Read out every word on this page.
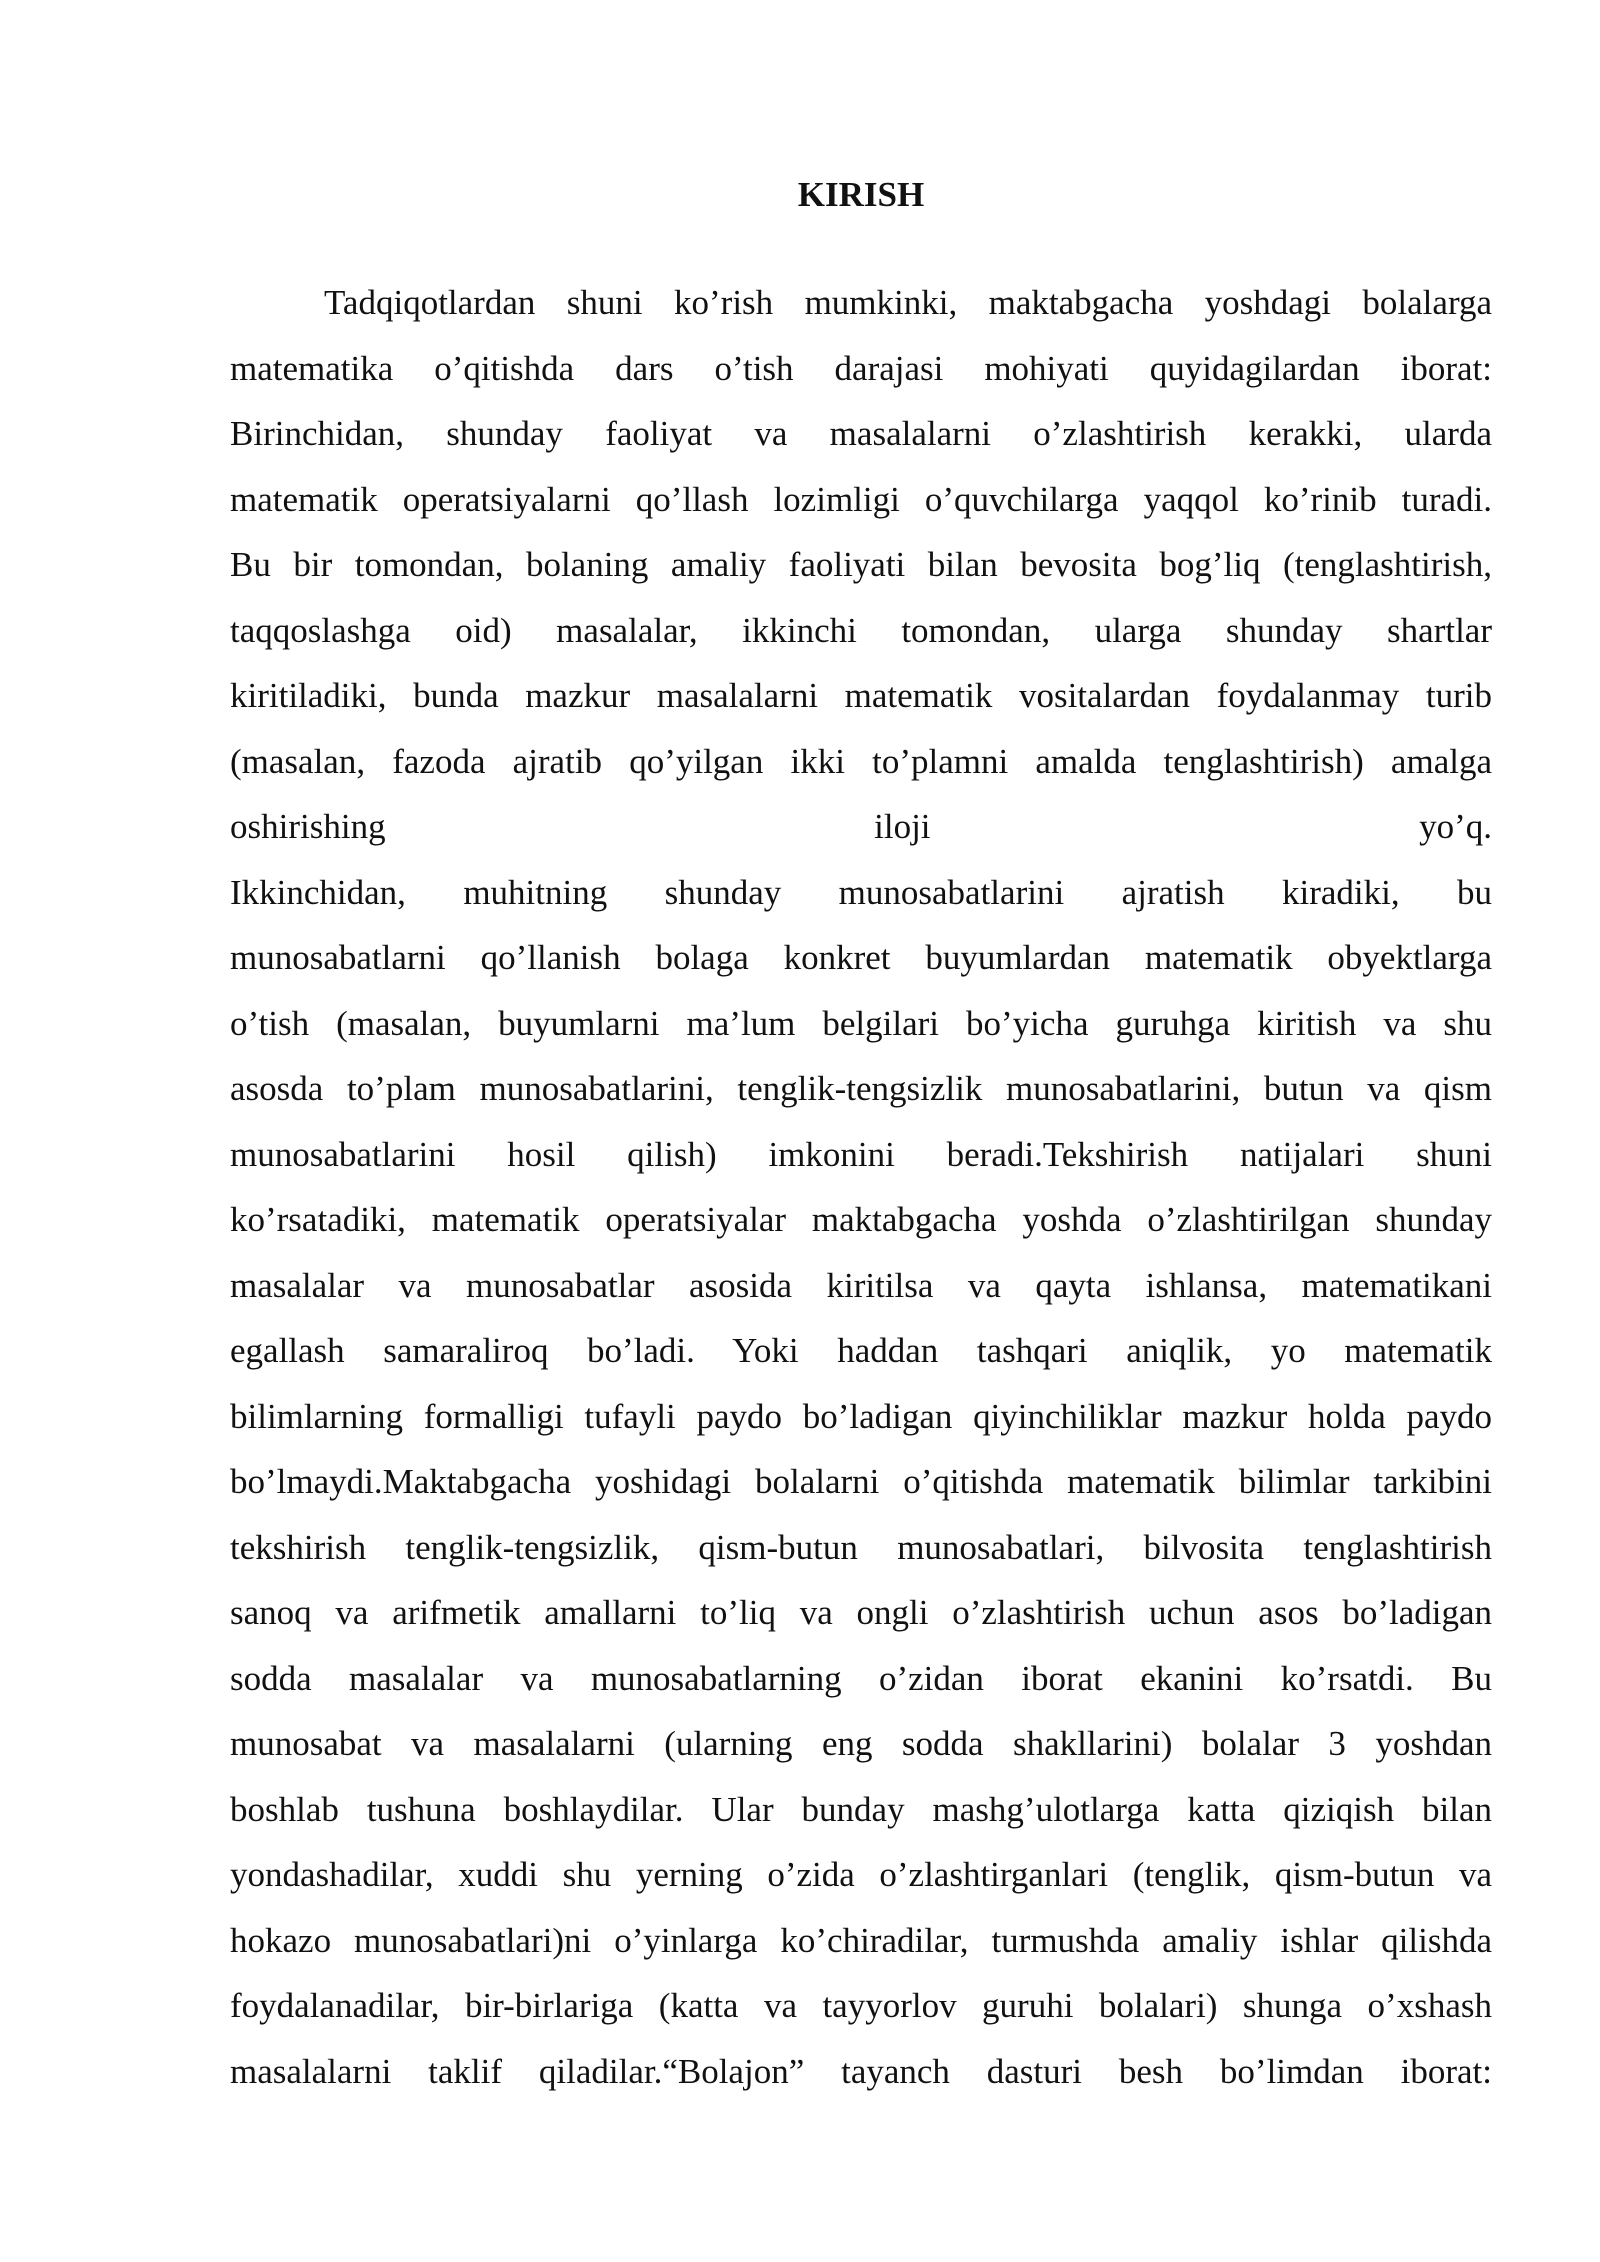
KIRISH
Tadqiqotlardan shuni ko’rish mumkinki, maktabgacha yoshdagi bolalarga
matematika o’qitishda dars o’tish darajasi mohiyati quyidagilardan iborat:
Birinchidan, shunday faoliyat va masalalarni o’zlashtirish kerakki, ularda
matematik operatsiyalarni qo’llash lozimligi o’quvchilarga yaqqol ko’rinib turadi.
Bu bir tomondan, bolaning amaliy faoliyati bilan bevosita bog’liq (tenglashtirish,
taqqoslashga oid) masalalar, ikkinchi tomondan, ularga shunday shartlar
kiritiladiki, bunda mazkur masalalarni matematik vositalardan foydalanmay turib
(masalan, fazoda ajratib qo’yilgan ikki to’plamni amalda tenglashtirish) amalga
oshirishing iloji yo’q.
Ikkinchidan, muhitning shunday munosabatlarini ajratish kiradiki, bu
munosabatlarni qo’llanish bolaga konkret buyumlardan matematik obyektlarga
o’tish (masalan, buyumlarni ma’lum belgilari bo’yicha guruhga kiritish va shu
asosda to’plam munosabatlarini, tenglik-tengsizlik munosabatlarini, butun va qism
munosabatlarini hosil qilish) imkonini beradi.Tekshirish natijalari shuni
ko’rsatadiki, matematik operatsiyalar maktabgacha yoshda o’zlashtirilgan shunday
masalalar va munosabatlar asosida kiritilsa va qayta ishlansa, matematikani
egallash samaraliroq bo’ladi. Yoki haddan tashqari aniqlik, yo matematik
bilimlarning formalligi tufayli paydo bo’ladigan qiyinchiliklar mazkur holda paydo
bo’lmaydi.Maktabgacha yoshidagi bolalarni o’qitishda matematik bilimlar tarkibini
tekshirish tenglik-tengsizlik, qism-butun munosabatlari, bilvosita tenglashtirish
sanoq va arifmetik amallarni to’liq va ongli o’zlashtirish uchun asos bo’ladigan
sodda masalalar va munosabatlarning o’zidan iborat ekanini ko’rsatdi. Bu
munosabat va masalalarni (ularning eng sodda shakllarini) bolalar 3 yoshdan
boshlab tushuna boshlaydilar. Ular bunday mashg’ulotlarga katta qiziqish bilan
yondashadilar, xuddi shu yerning o’zida o’zlashtirganlari (tenglik, qism-butun va
hokazo munosabatlari)ni o’yinlarga ko’chiradilar, turmushda amaliy ishlar qilishda
foydalanadilar, bir-birlariga (katta va tayyorlov guruhi bolalari) shunga o’xshash
masalalarni taklif qiladilar.“Bolajon” tayanch dasturi besh bo’limdan iborat:
